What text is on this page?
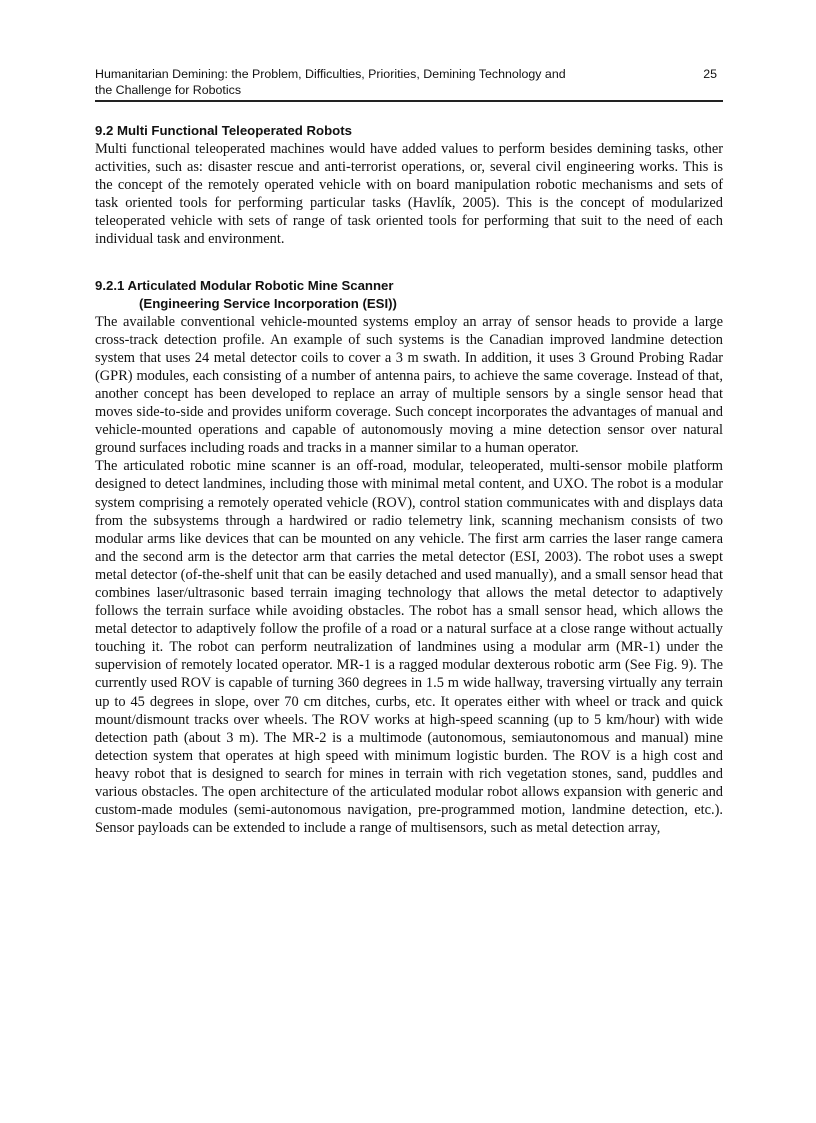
Humanitarian Demining: the Problem, Difficulties, Priorities, Demining Technology and
the Challenge for Robotics
25
9.2 Multi Functional Teleoperated Robots

Multi functional teleoperated machines would have added values to perform besides demining tasks, other activities, such as: disaster rescue and anti-terrorist operations, or, several civil engineering works. This is the concept of the remotely operated vehicle with on board manipulation robotic mechanisms and sets of task oriented tools for performing particular tasks (Havlík, 2005). This is the concept of modularized teleoperated vehicle with sets of range of task oriented tools for performing that suit to the need of each individual task and environment.

9.2.1 Articulated Modular Robotic Mine Scanner
(Engineering Service Incorporation (ESI))

The available conventional vehicle-mounted systems employ an array of sensor heads to provide a large cross-track detection profile. An example of such systems is the Canadian improved landmine detection system that uses 24 metal detector coils to cover a 3 m swath. In addition, it uses 3 Ground Probing Radar (GPR) modules, each consisting of a number of antenna pairs, to achieve the same coverage. Instead of that, another concept has been developed to replace an array of multiple sensors by a single sensor head that moves side-to-side and provides uniform coverage. Such concept incorporates the advantages of manual and vehicle-mounted operations and capable of autonomously moving a mine detection sensor over natural ground surfaces including roads and tracks in a manner similar to a human operator.

The articulated robotic mine scanner is an off-road, modular, teleoperated, multi-sensor mobile platform designed to detect landmines, including those with minimal metal content, and UXO. The robot is a modular system comprising a remotely operated vehicle (ROV), control station communicates with and displays data from the subsystems through a hardwired or radio telemetry link, scanning mechanism consists of two modular arms like devices that can be mounted on any vehicle. The first arm carries the laser range camera and the second arm is the detector arm that carries the metal detector (ESI, 2003). The robot uses a swept metal detector (of-the-shelf unit that can be easily detached and used manually), and a small sensor head that combines laser/ultrasonic based terrain imaging technology that allows the metal detector to adaptively follows the terrain surface while avoiding obstacles. The robot has a small sensor head, which allows the metal detector to adaptively follow the profile of a road or a natural surface at a close range without actually touching it. The robot can perform neutralization of landmines using a modular arm (MR-1) under the supervision of remotely located operator. MR-1 is a ragged modular dexterous robotic arm (See Fig. 9). The currently used ROV is capable of turning 360 degrees in 1.5 m wide hallway, traversing virtually any terrain up to 45 degrees in slope, over 70 cm ditches, curbs, etc. It operates either with wheel or track and quick mount/dismount tracks over wheels. The ROV works at high-speed scanning (up to 5 km/hour) with wide detection path (about 3 m). The MR-2 is a multimode (autonomous, semiautonomous and manual) mine detection system that operates at high speed with minimum logistic burden. The ROV is a high cost and heavy robot that is designed to search for mines in terrain with rich vegetation stones, sand, puddles and various obstacles. The open architecture of the articulated modular robot allows expansion with generic and custom-made modules (semi-autonomous navigation, pre-programmed motion, landmine detection, etc.). Sensor payloads can be extended to include a range of multisensors, such as metal detection array,
